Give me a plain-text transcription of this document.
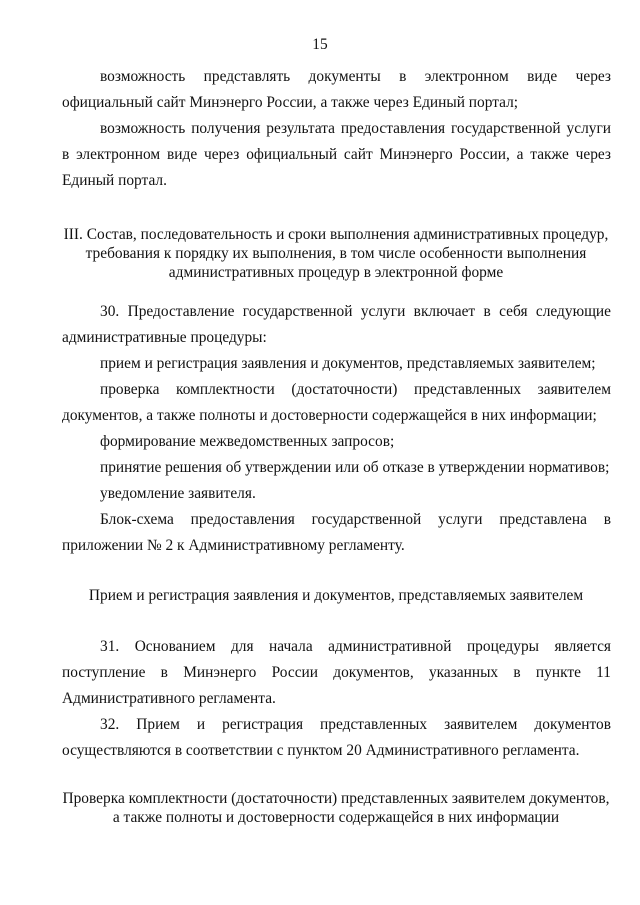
15

возможность представлять документы в электронном виде через официальный сайт Минэнерго России, а также через Единый портал;

возможность получения результата предоставления государственной услуги в электронном виде через официальный сайт Минэнерго России, а также через Единый портал.

III. Состав, последовательность и сроки выполнения административных процедур,
требования к порядку их выполнения, в том числе особенности выполнения
административных процедур в электронной форме

30. Предоставление государственной услуги включает в себя следующие административные процедуры:

прием и регистрация заявления и документов, представляемых заявителем;

проверка комплектности (достаточности) представленных заявителем документов, а также полноты и достоверности содержащейся в них информации;

формирование межведомственных запросов;

принятие решения об утверждении или об отказе в утверждении нормативов;

уведомление заявителя.

Блок-схема предоставления государственной услуги представлена в приложении № 2 к Административному регламенту.

Прием и регистрация заявления и документов, представляемых заявителем

31. Основанием для начала административной процедуры является поступление в Минэнерго России документов, указанных в пункте 11 Административного регламента.

32. Прием и регистрация представленных заявителем документов осуществляются в соответствии с пунктом 20 Административного регламента.

Проверка комплектности (достаточности) представленных заявителем документов,
а также полноты и достоверности содержащейся в них информации
